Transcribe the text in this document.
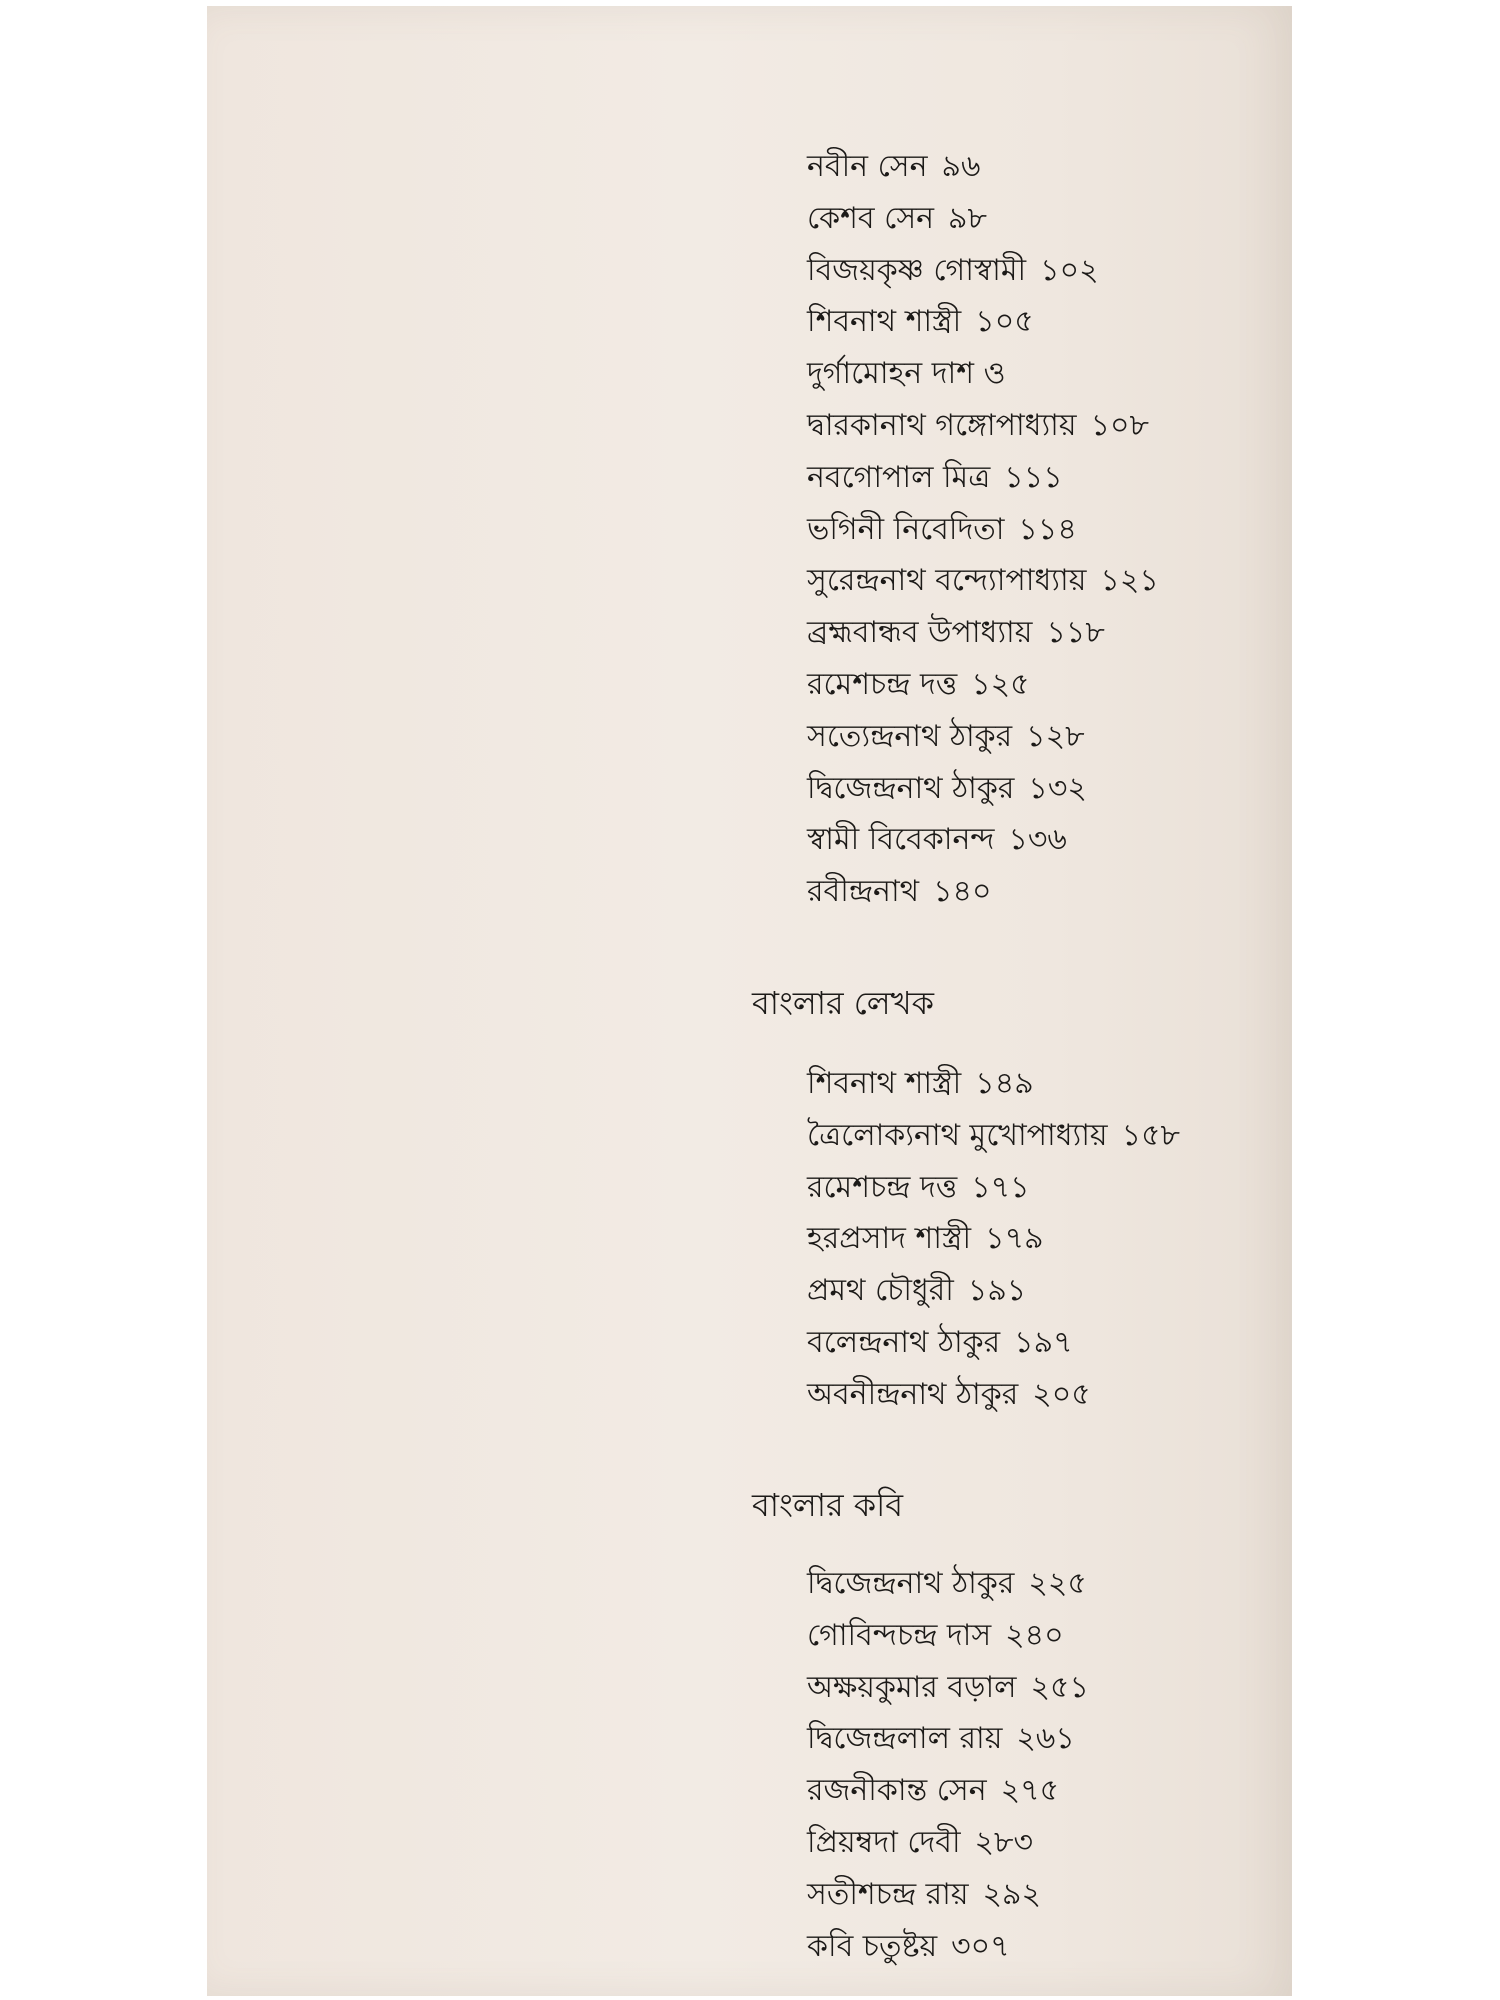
নবীন সেন ৯৬
কেশব সেন ৯৮
বিজয়কৃষ্ণ গোস্বামী ১০২
শিবনাথ শাস্ত্রী ১০৫
দুর্গামোহন দাশ ও
দ্বারকানাথ গঙ্গোপাধ্যায় ১০৮
নবগোপাল মিত্র ১১১
ভগিনী নিবেদিতা ১১৪
সুরেন্দ্রনাথ বন্দ্যোপাধ্যায় ১২১
ব্রহ্মবান্ধব উপাধ্যায় ১১৮
রমেশচন্দ্র দত্ত ১২৫
সত্যেন্দ্রনাথ ঠাকুর ১২৮
দ্বিজেন্দ্রনাথ ঠাকুর ১৩২
স্বামী বিবেকানন্দ ১৩৬
রবীন্দ্রনাথ ১৪০
বাংলার লেখক
শিবনাথ শাস্ত্রী ১৪৯
ত্রৈলোক্যনাথ মুখোপাধ্যায় ১৫৮
রমেশচন্দ্র দত্ত ১৭১
হরপ্রসাদ শাস্ত্রী ১৭৯
প্রমথ চৌধুরী ১৯১
বলেন্দ্রনাথ ঠাকুর ১৯৭
অবনীন্দ্রনাথ ঠাকুর ২০৫
বাংলার কবি
দ্বিজেন্দ্রনাথ ঠাকুর ২২৫
গোবিন্দচন্দ্র দাস ২৪০
অক্ষয়কুমার বড়াল ২৫১
দ্বিজেন্দ্রলাল রায় ২৬১
রজনীকান্ত সেন ২৭৫
প্রিয়ম্বদা দেবী ২৮৩
সতীশচন্দ্র রায় ২৯২
কবি চতুষ্টয় ৩০৭
